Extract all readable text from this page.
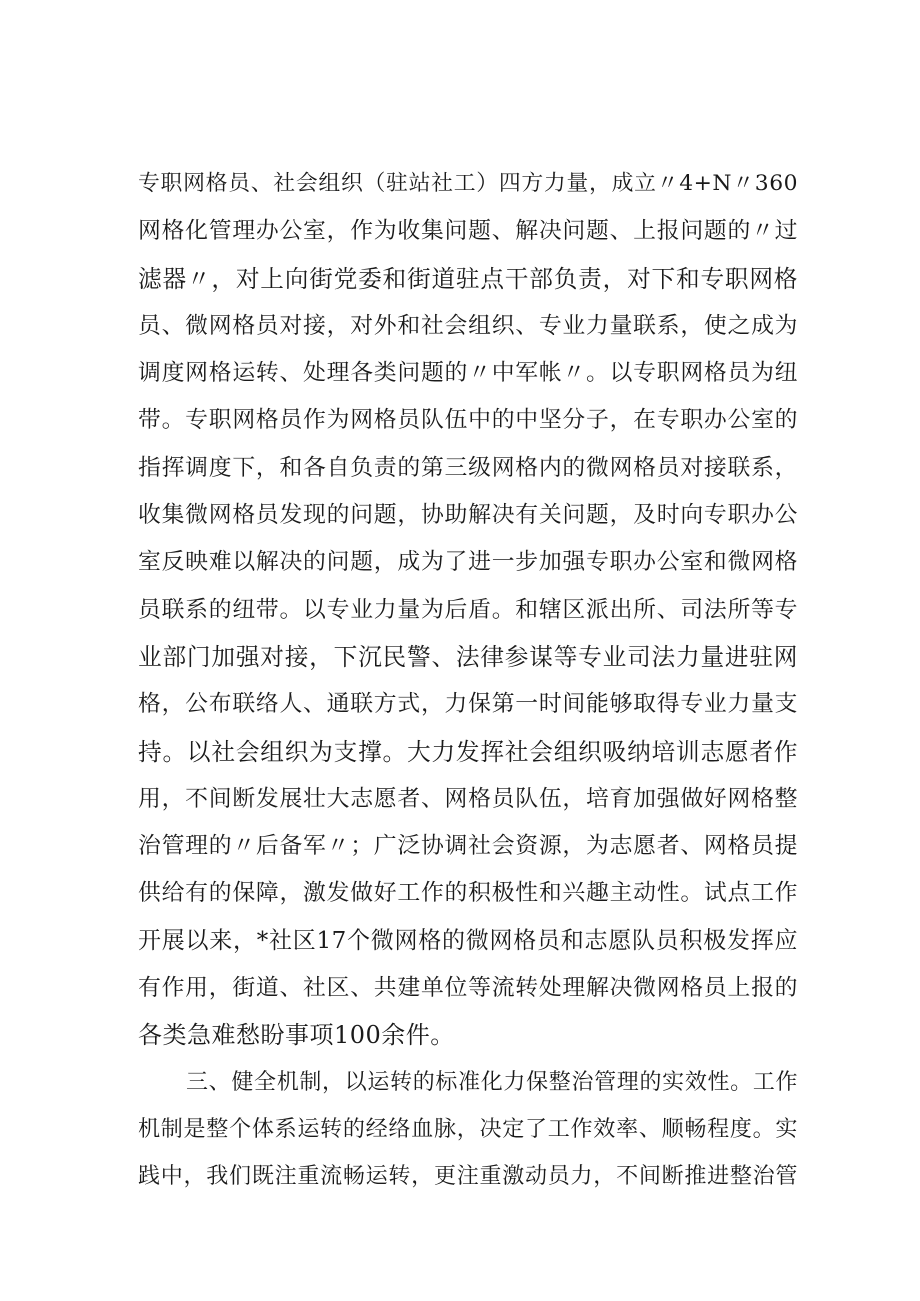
专职网格员、社会组织（驻站社工）四方力量，成立〃4+N〃360
网格化管理办公室，作为收集问题、解决问题、上报问题的〃过
滤器〃，对上向街党委和街道驻点干部负责，对下和专职网格
员、微网格员对接，对外和社会组织、专业力量联系，使之成为
调度网格运转、处理各类问题的〃中军帐〃。以专职网格员为纽
带。专职网格员作为网格员队伍中的中坚分子，在专职办公室的
指挥调度下，和各自负责的第三级网格内的微网格员对接联系，
收集微网格员发现的问题，协助解决有关问题，及时向专职办公
室反映难以解决的问题，成为了进一步加强专职办公室和微网格
员联系的纽带。以专业力量为后盾。和辖区派出所、司法所等专
业部门加强对接，下沉民警、法律参谋等专业司法力量进驻网
格，公布联络人、通联方式，力保第一时间能够取得专业力量支
持。以社会组织为支撑。大力发挥社会组织吸纳培训志愿者作
用，不间断发展壮大志愿者、网格员队伍，培育加强做好网格整
治管理的〃后备军〃；广泛协调社会资源，为志愿者、网格员提
供给有的保障，激发做好工作的积极性和兴趣主动性。试点工作
开展以来，*社区17个微网格的微网格员和志愿队员积极发挥应
有作用，街道、社区、共建单位等流转处理解决微网格员上报的
各类急难愁盼事项100余件。
三、健全机制，以运转的标准化力保整治管理的实效性。工作
机制是整个体系运转的经络血脉，决定了工作效率、顺畅程度。实
践中，我们既注重流畅运转，更注重激动员力，不间断推进整治管
